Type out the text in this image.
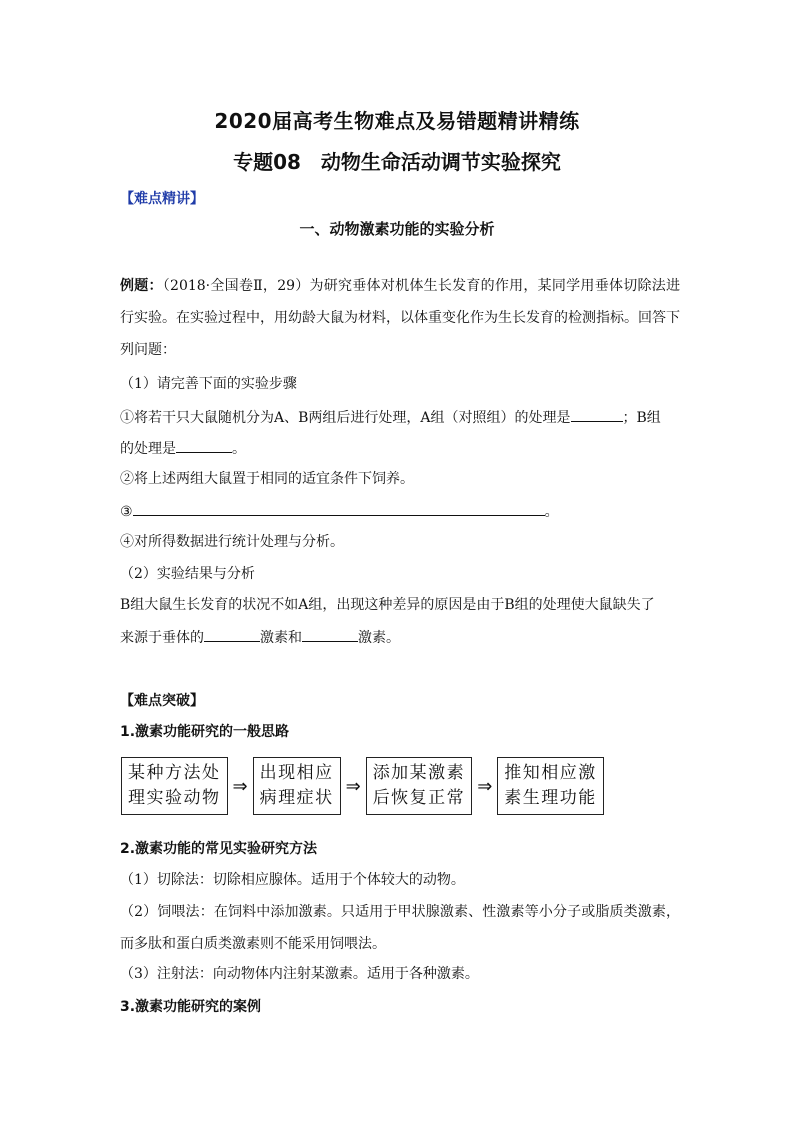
2020届高考生物难点及易错题精讲精练
专题08　动物生命活动调节实验探究
【难点精讲】
一、动物激素功能的实验分析
例题：（2018·全国卷Ⅱ，29）为研究垂体对机体生长发育的作用，某同学用垂体切除法进行实验。在实验过程中，用幼龄大鼠为材料，以体重变化作为生长发育的检测指标。回答下列问题：
（1）请完善下面的实验步骤
①将若干只大鼠随机分为A、B两组后进行处理，A组（对照组）的处理是	；B组
的处理是	。
②将上述两组大鼠置于相同的适宜条件下饲养。
③	。
④对所得数据进行统计处理与分析。
（2）实验结果与分析
B组大鼠生长发育的状况不如A组，出现这种差异的原因是由于B组的处理使大鼠缺失了
来源于垂体的	激素和	激素。
【难点突破】
1.激素功能研究的一般思路
某种方法处
理实验动物
⇒
出现相应
病理症状
⇒
添加某激素
后恢复正常
⇒
推知相应激
素生理功能
2.激素功能的常见实验研究方法
（1）切除法：切除相应腺体。适用于个体较大的动物。
（2）饲喂法：在饲料中添加激素。只适用于甲状腺激素、性激素等小分子或脂质类激素，而多肽和蛋白质类激素则不能采用饲喂法。
（3）注射法：向动物体内注射某激素。适用于各种激素。
3.激素功能研究的案例
